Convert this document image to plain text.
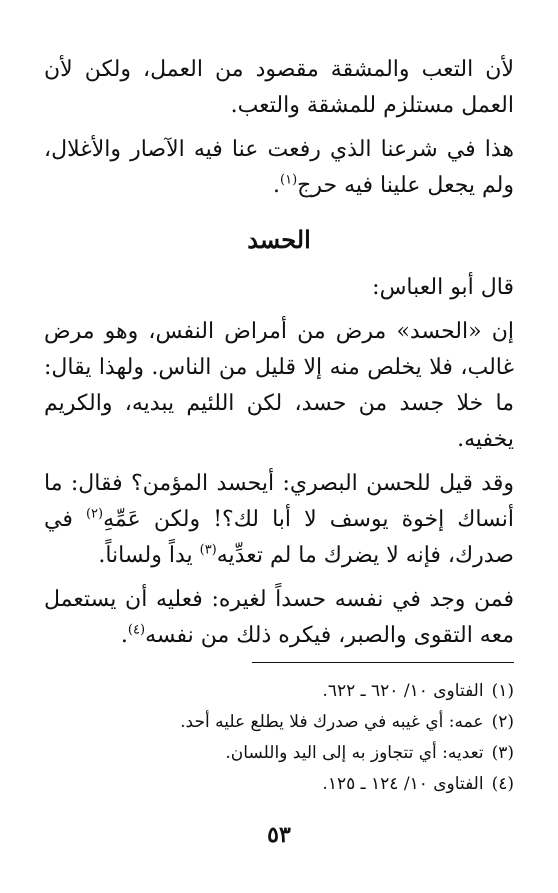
لأن التعب والمشقة مقصود من العمل، ولكن لأن العمل مستلزم للمشقة والتعب.

هذا في شرعنا الذي رفعت عنا فيه الآصار والأغلال، ولم يجعل علينا فيه حرج$^{(١)}$.

الحسد

قال أبو العباس:

إن «الحسد» مرض من أمراض النفس، وهو مرض غالب، فلا يخلص منه إلا قليل من الناس. ولهذا يقال: ما خلا جسد من حسد، لكن اللئيم يبديه، والكريم يخفيه.

وقد قيل للحسن البصري: أيحسد المؤمن؟ فقال: ما أنساك إخوة يوسف لا أبا لك؟! ولكن عَمِّهِ$^{(٢)}$ في صدرك، فإنه لا يضرك ما لم تعدِّيه$^{(٣)}$ يداً ولساناً.

فمن وجد في نفسه حسداً لغيره: فعليه أن يستعمل معه التقوى والصبر، فيكره ذلك من نفسه$^{(٤)}$.

(١)
الفتاوى ١٠/ ٦٢٠ ـ ٦٢٢.
(٢)
عمه: أي غيبه في صدرك فلا يطلع عليه أحد.
(٣)
تعديه: أي تتجاوز به إلى اليد واللسان.
(٤)
الفتاوى ١٠/ ١٢٤ ـ ١٢٥.
٥٣
